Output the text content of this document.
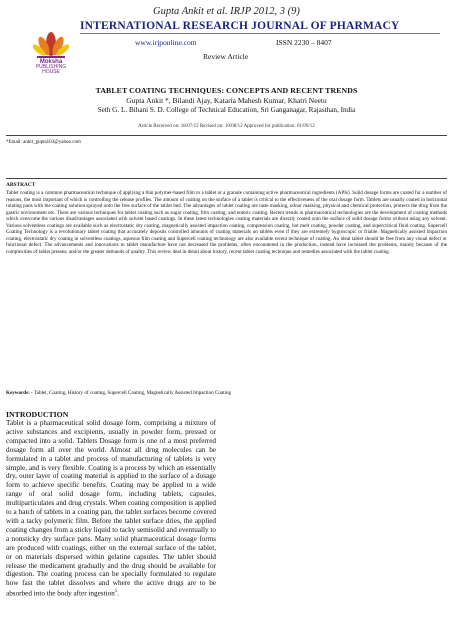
Gupta Ankit et al. IRJP 2012, 3 (9)
Moksha
PUBLISHING HOUSE
INTERNATIONAL RESEARCH JOURNAL OF PHARMACY
www.irjponline.com	ISSN 2230 – 8407
Review Article
TABLET COATING TECHNIQUES: CONCEPTS AND RECENT TRENDS
Gupta Ankit *, Bilandi Ajay, Kataria Mahesh Kumar, Khatri Neetu
Seth G. L. Bihani S. D. College of Technical Education, Sri Ganganagar, Rajasthan, India
Article Received on: 18/07/12 Revised on: 10/08/12 Approved for publication: 01/09/12
*Email: ankit_gupta103@yahoo.com
ABSTRACT
Tablet coating is a common pharmaceutical technique of applying a thin polymer-based film to a tablet or a granule containing active pharmaceutical ingredients (APIs). Solid dosage forms are coated for a number of reasons, the most important of which is controlling the release profiles. The amount of coating on the surface of a tablet is critical to the effectiveness of the oral dosage form. Tablets are usually coated in horizontal rotating pans with the coating solution sprayed onto the free surface of the tablet bed. The advantages of tablet coating are taste masking, odour masking, physical and chemical protection, protects the drug from the gastric environment etc. There are various techniques for tablet coating such as sugar coating, film coating, and enteric coating. Recent trends in pharmaceutical technologies are the development of coating methods which overcome the various disadvantages associated with solvent based coatings. In these latest technologies coating materials are directly coated onto the surface of solid dosage forms without using any solvent. Various solventless coatings are available such as electrostatic dry coating, magnetically assisted impaction coating, compression coating, hot melt coating, powder coating, and supercritical fluid coating. Supercell Coating Technology is a revolutionary tablet coating that accurately deposits controlled amounts of coating materials on tablets even if they are extremely hygroscopic or friable. Magnetically assisted impaction coating, electrostatic dry coating in solventless coatings, aqueous film coating and Supercell coating technology are also available recent technique of coating. An ideal tablet should be free from any visual defect or functional defect. The advancements and innovations in tablet manufacture have not decreased the problems, often encountered in the production, instead have increased the problems, mainly because of the complexities of tablet presses; and/or the greater demands of quality. This review deal in detail about history, recent tablet coating technique and remedies associated with the tablet coating.
Keywords: - Tablet, Coating, History of coating, Supercell Coating, Magnetically Assisted Impaction Coating
INTRODUCTION

Tablet is a pharmaceutical solid dosage form, comprising a mixture of active substances and excipients, usually in powder form, pressed or compacted into a solid. Tablets Dosage form is one of a most preferred dosage form all over the world. Almost all drug molecules can be formulated in a tablet and process of manufacturing of tablets is very simple, and is very flexible. Coating is a process by which an essentially dry, outer layer of coating material is applied to the surface of a dosage form to achieve specific benefits. Coating may be applied to a wide range of oral solid dosage form, including tablets, capsules, multiparticulates and drug crystals. When coating composition is applied to a batch of tablets in a coating pan, the tablet surfaces become covered with a tacky polymeric film. Before the tablet surface dries, the applied coating changes from a sticky liquid to tacky semisolid and eventually to a nonsticky dry surface pans. Many solid pharmaceutical dosage forms are produced with coatings, either on the external surface of the tablet, or on materials dispersed within gelatine capsules. The tablet should release the medicament gradually and the drug should be available for digestion. The coating process can be specially formulated to regulate how fast the tablet dissolves and where the active drugs are to be absorbed into the body after ingestion$^1$.
